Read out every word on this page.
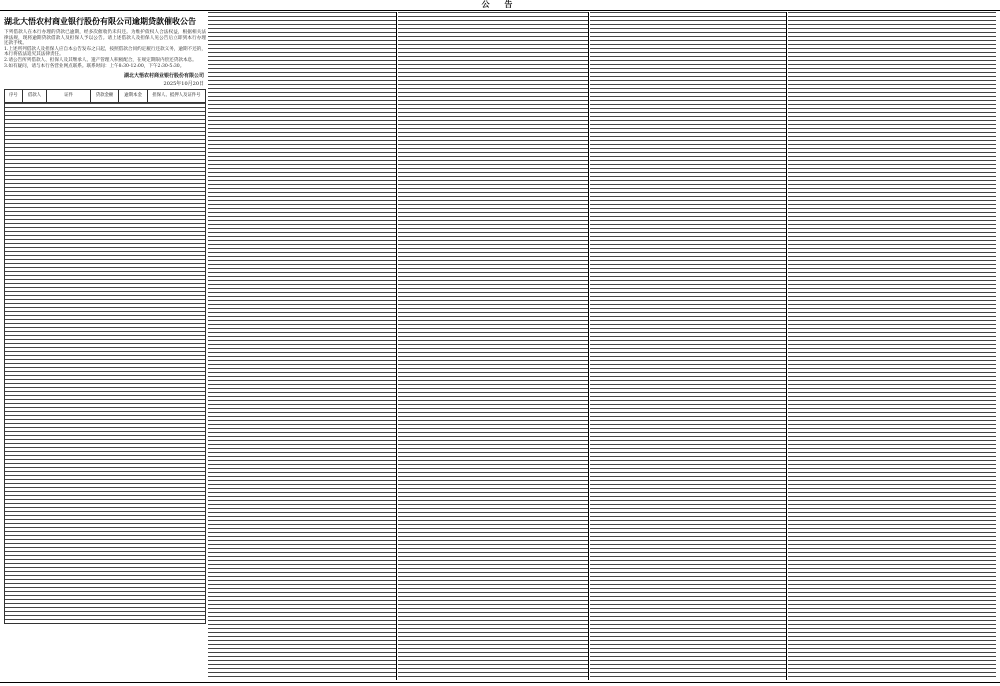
公 告
湖北大悟农村商业银行股份有限公司逾期贷款催收公告

下列借款人在本行办理的贷款已逾期，经多次催收仍未归还。为维护债权人合法权益，根据相关法律法规，现将逾期贷款借款人及担保人予以公告。请上述借款人及担保人见公告后立即到本行办理还款手续。

1.上述所列借款人及担保人应自本公告发布之日起，按照借款合同约定履行还款义务，逾期不还的，本行将依法追究其法律责任。

2.请公告所列借款人、担保人及其继承人、遗产管理人积极配合，在规定期限内偿还贷款本息。

3.如有疑问，请与本行各营业网点联系。联系时间：上午8:30-12:00，下午2:30-5:30。

湖北大悟农村商业银行股份有限公司
2025年10月20日
序号	借款人	证件	贷款金额	逾期本金	担保人、抵押人及证件号
